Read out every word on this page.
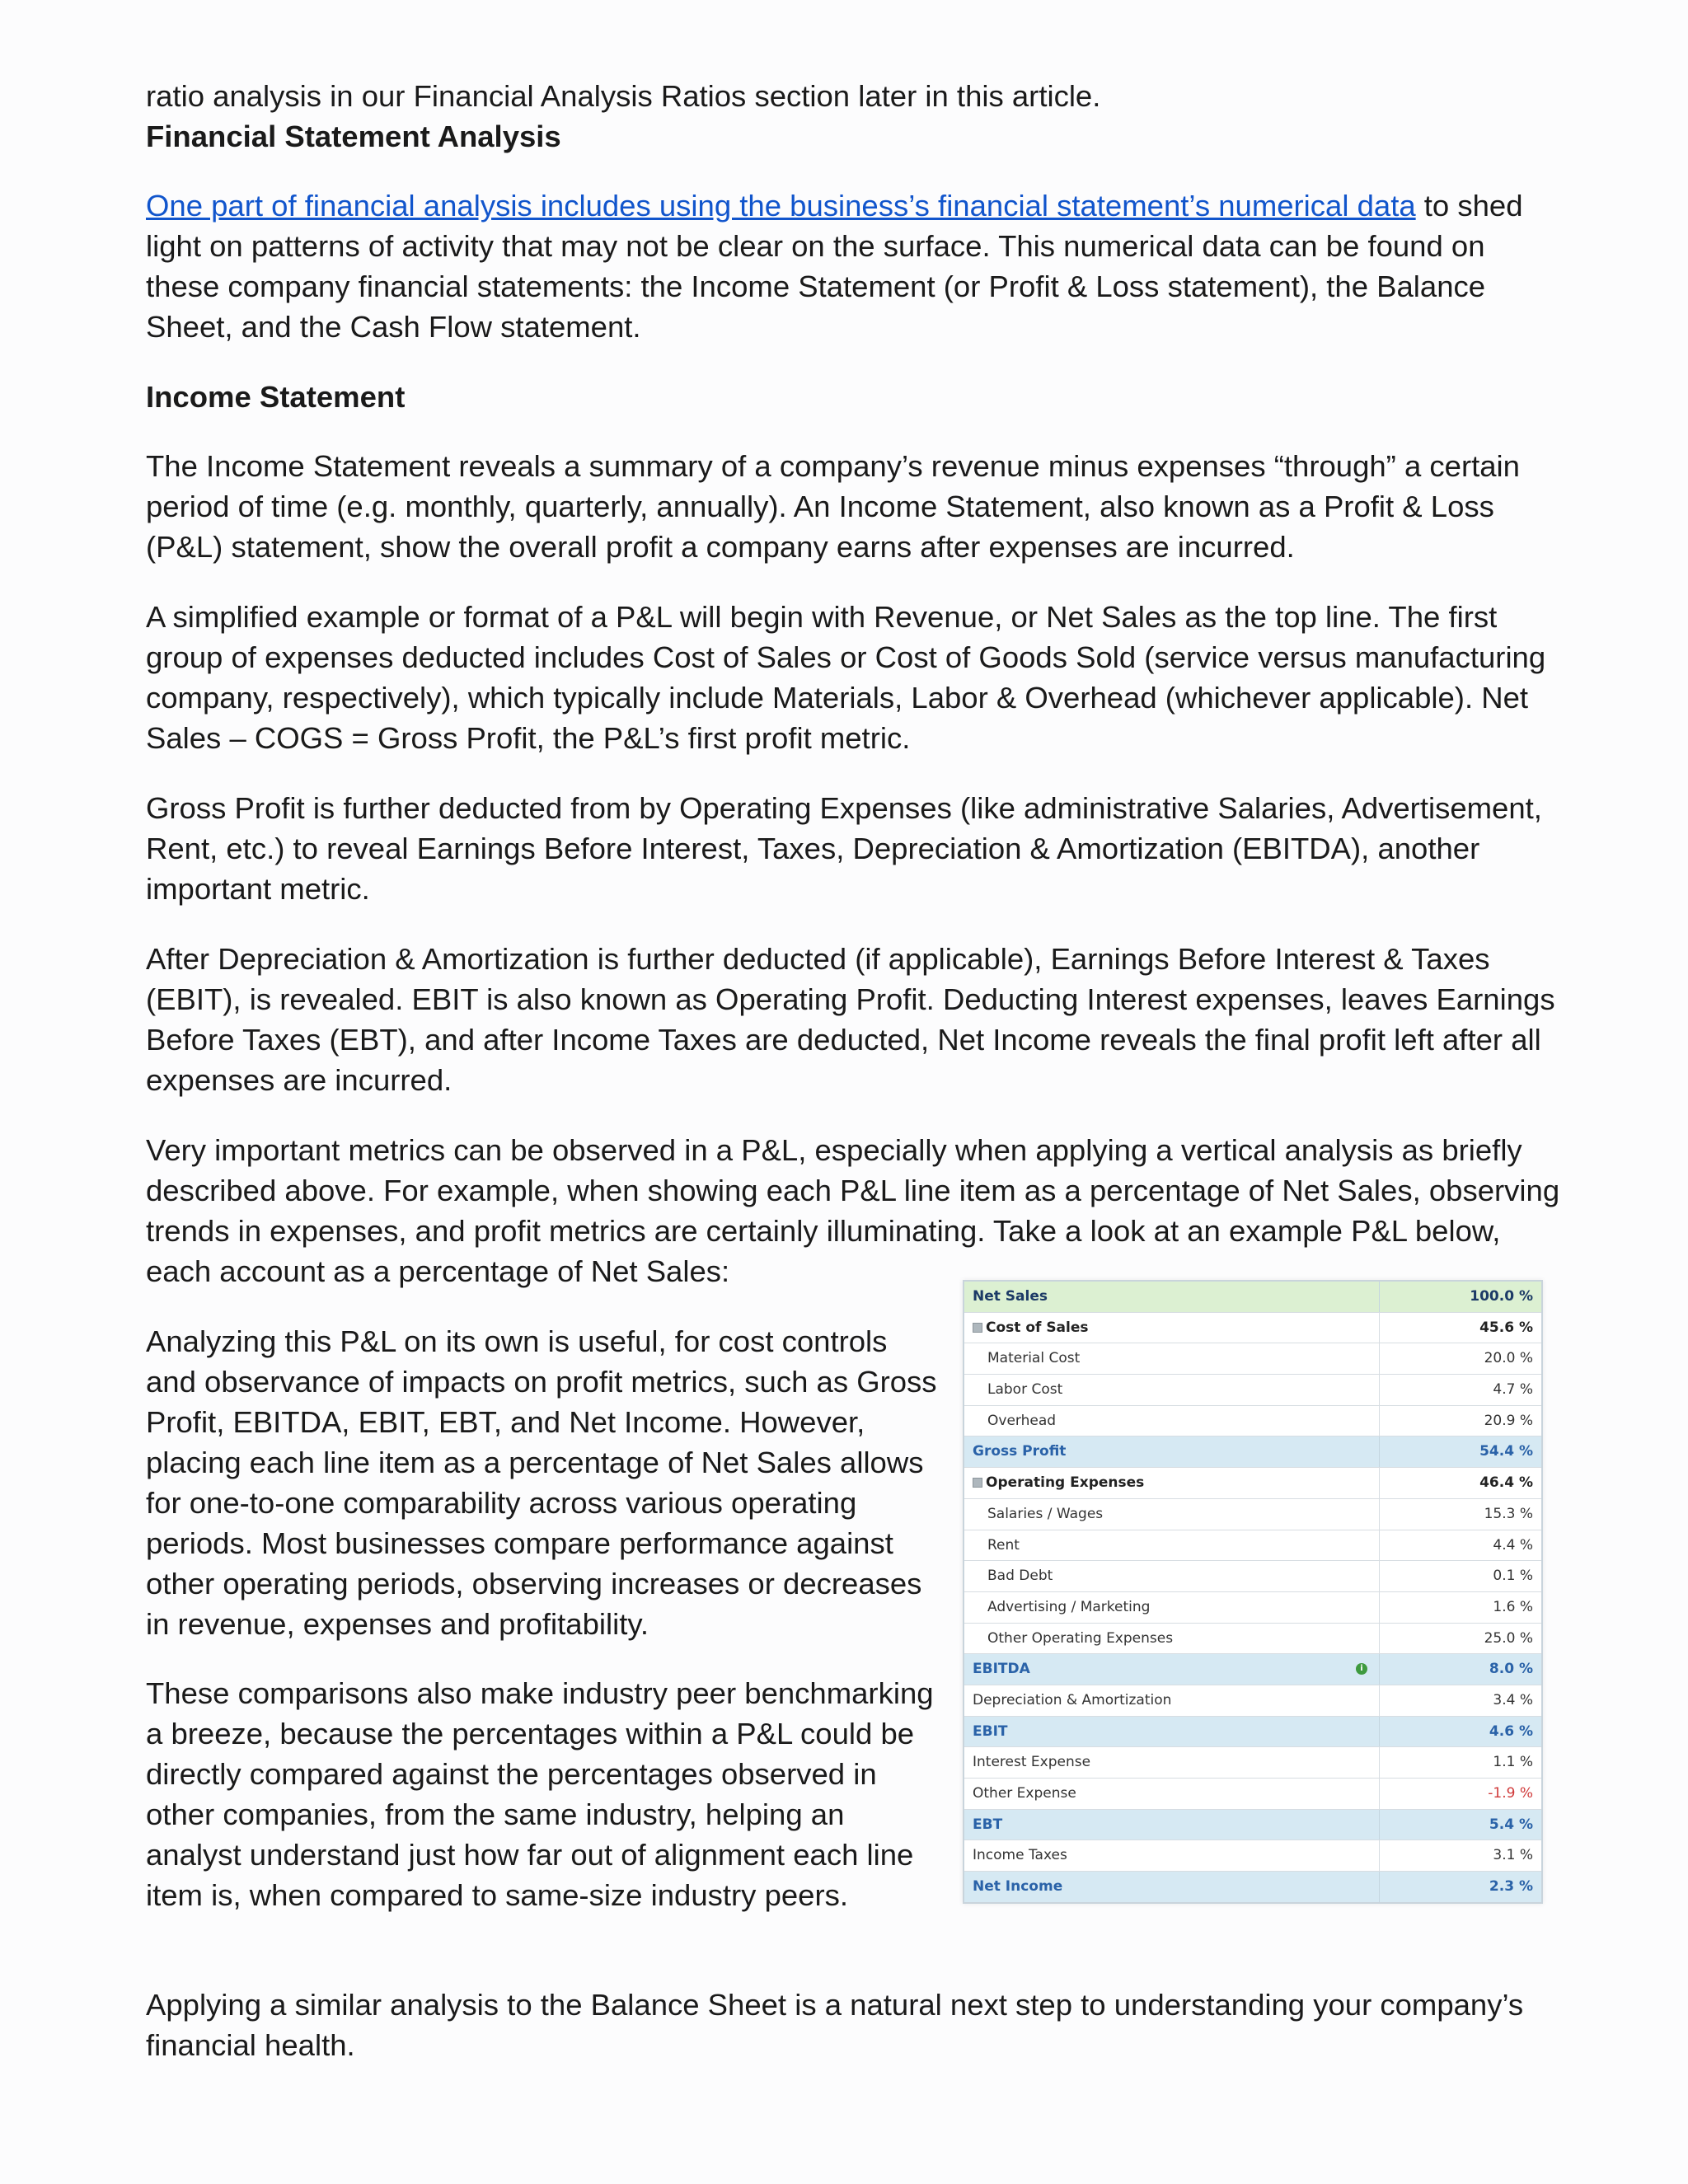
ratio analysis in our Financial Analysis Ratios section later in this article.

Financial Statement Analysis

One part of financial analysis includes using the business’s financial statement’s numerical data to shed light on patterns of activity that may not be clear on the surface. This numerical data can be found on these company financial statements: the Income Statement (or Profit & Loss statement), the Balance Sheet, and the Cash Flow statement.

Income Statement

The Income Statement reveals a summary of a company’s revenue minus expenses “through” a certain period of time (e.g. monthly, quarterly, annually). An Income Statement, also known as a Profit & Loss (P&L) statement, show the overall profit a company earns after expenses are incurred.

A simplified example or format of a P&L will begin with Revenue, or Net Sales as the top line. The first group of expenses deducted includes Cost of Sales or Cost of Goods Sold (service versus manufacturing company, respectively), which typically include Materials, Labor & Overhead (whichever applicable). Net Sales – COGS = Gross Profit, the P&L’s first profit metric.

Gross Profit is further deducted from by Operating Expenses (like administrative Salaries, Advertisement, Rent, etc.) to reveal Earnings Before Interest, Taxes, Depreciation & Amortization (EBITDA), another important metric.

After Depreciation & Amortization is further deducted (if applicable), Earnings Before Interest & Taxes (EBIT), is revealed. EBIT is also known as Operating Profit. Deducting Interest expenses, leaves Earnings Before Taxes (EBT), and after Income Taxes are deducted, Net Income reveals the final profit left after all expenses are incurred.

Very important metrics can be observed in a P&L, especially when applying a vertical analysis as briefly described above. For example, when showing each P&L line item as a percentage of Net Sales, observing trends in expenses, and profit metrics are certainly illuminating. Take a look at an example P&L below, each account as a percentage of Net Sales:

Analyzing this P&L on its own is useful, for cost controls and observance of impacts on profit metrics, such as Gross Profit, EBITDA, EBIT, EBT, and Net Income. However, placing each line item as a percentage of Net Sales allows for one-to-one comparability across various operating periods. Most businesses compare performance against other operating periods, observing increases or decreases in revenue, expenses and profitability.

These comparisons also make industry peer benchmarking a breeze, because the percentages within a P&L could be directly compared against the percentages observed in other companies, from the same industry, helping an analyst understand just how far out of alignment each line item is, when compared to same-size industry peers.

Applying a similar analysis to the Balance Sheet is a natural next step to understanding your company’s financial health.

Net Sales	100.0 %
Cost of Sales	45.6 %
Material Cost	20.0 %
Labor Cost	4.7 %
Overhead	20.9 %
Gross Profit	54.4 %
Operating Expenses	46.4 %
Salaries / Wages	15.3 %
Rent	4.4 %
Bad Debt	0.1 %
Advertising / Marketing	1.6 %
Other Operating Expenses	25.0 %
EBITDA	i	8.0 %
Depreciation & Amortization	3.4 %
EBIT	4.6 %
Interest Expense	1.1 %
Other Expense	-1.9 %
EBT	5.4 %
Income Taxes	3.1 %
Net Income	2.3 %
